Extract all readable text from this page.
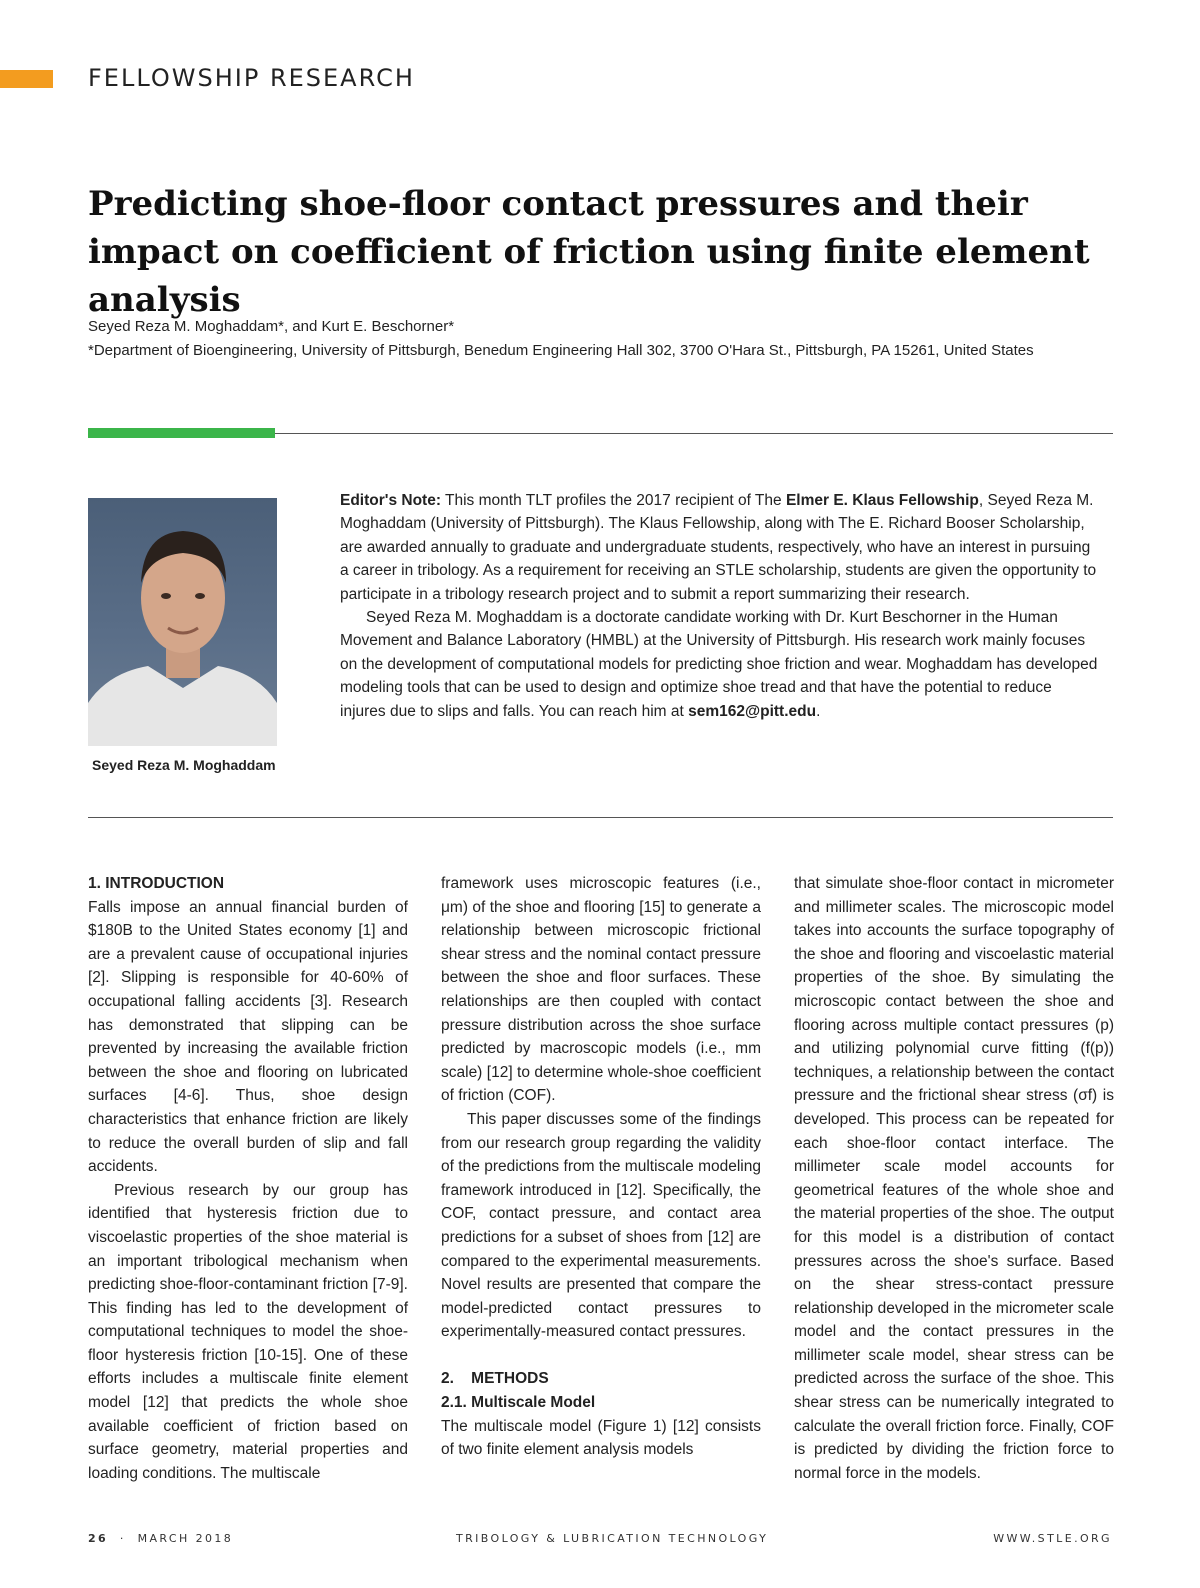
FELLOWSHIP RESEARCH
Predicting shoe-floor contact pressures and their impact on coefficient of friction using finite element analysis
Seyed Reza M. Moghaddam*, and Kurt E. Beschorner*
*Department of Bioengineering, University of Pittsburgh, Benedum Engineering Hall 302, 3700 O'Hara St., Pittsburgh, PA 15261, United States
Seyed Reza M. Moghaddam

Editor's Note: This month TLT profiles the 2017 recipient of The Elmer E. Klaus Fellowship, Seyed Reza M. Moghaddam (University of Pittsburgh). The Klaus Fellowship, along with The E. Richard Booser Scholarship, are awarded annually to graduate and undergraduate students, respectively, who have an interest in pursuing a career in tribology. As a requirement for receiving an STLE scholarship, students are given the opportunity to participate in a tribology research project and to submit a report summarizing their research.

Seyed Reza M. Moghaddam is a doctorate candidate working with Dr. Kurt Beschorner in the Human Movement and Balance Laboratory (HMBL) at the University of Pittsburgh. His research work mainly focuses on the development of computational models for predicting shoe friction and wear. Moghaddam has developed modeling tools that can be used to design and optimize shoe tread and that have the potential to reduce injures due to slips and falls. You can reach him at sem162@pitt.edu.

1. INTRODUCTION

Falls impose an annual financial burden of $180B to the United States economy [1] and are a prevalent cause of occupational injuries [2]. Slipping is responsible for 40-60% of occupational falling accidents [3]. Research has demonstrated that slipping can be prevented by increasing the available friction between the shoe and flooring on lubricated surfaces [4-6]. Thus, shoe design characteristics that enhance friction are likely to reduce the overall burden of slip and fall accidents.

Previous research by our group has identified that hysteresis friction due to viscoelastic properties of the shoe material is an important tribological mechanism when predicting shoe-floor-contaminant friction [7-9]. This finding has led to the development of computational techniques to model the shoe-floor hysteresis friction [10-15]. One of these efforts includes a multiscale finite element model [12] that predicts the whole shoe available coefficient of friction based on surface geometry, material properties and loading conditions. The multiscale

framework uses microscopic features (i.e., μm) of the shoe and flooring [15] to generate a relationship between microscopic frictional shear stress and the nominal contact pressure between the shoe and floor surfaces. These relationships are then coupled with contact pressure distribution across the shoe surface predicted by macroscopic models (i.e., mm scale) [12] to determine whole-shoe coefficient of friction (COF).

This paper discusses some of the findings from our research group regarding the validity of the predictions from the multiscale modeling framework introduced in [12]. Specifically, the COF, contact pressure, and contact area predictions for a subset of shoes from [12] are compared to the experimental measurements. Novel results are presented that compare the model-predicted contact pressures to experimentally-measured contact pressures.

2.    METHODS
2.1. Multiscale Model

The multiscale model (Figure 1) [12] consists of two finite element analysis models

that simulate shoe-floor contact in micrometer and millimeter scales. The microscopic model takes into accounts the surface topography of the shoe and flooring and viscoelastic material properties of the shoe. By simulating the microscopic contact between the shoe and flooring across multiple contact pressures (p) and utilizing polynomial curve fitting (f(p)) techniques, a relationship between the contact pressure and the frictional shear stress (σf) is developed. This process can be repeated for each shoe-floor contact interface. The millimeter scale model accounts for geometrical features of the whole shoe and the material properties of the shoe. The output for this model is a distribution of contact pressures across the shoe's surface. Based on the shear stress-contact pressure relationship developed in the micrometer scale model and the contact pressures in the millimeter scale model, shear stress can be predicted across the surface of the shoe. This shear stress can be numerically integrated to calculate the overall friction force. Finally, COF is predicted by dividing the friction force to normal force in the models.

26 · MARCH 2018	TRIBOLOGY & LUBRICATION TECHNOLOGY	WWW.STLE.ORG
